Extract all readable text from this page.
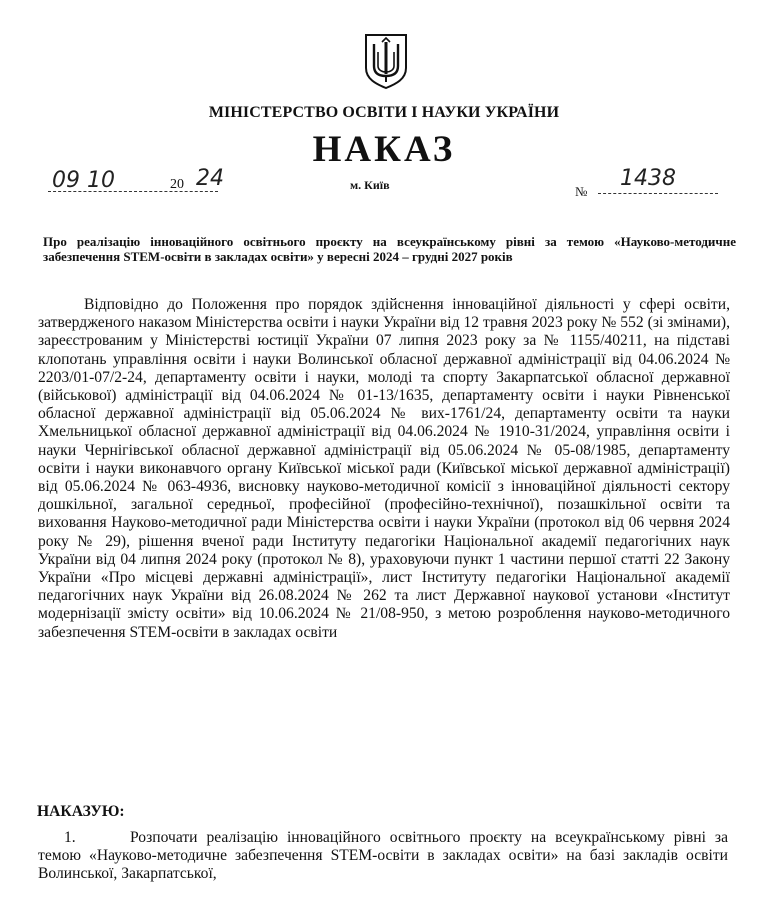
МІНІСТЕРСТВО ОСВІТИ І НАУКИ УКРАЇНИ
НАКАЗ
09 10	20 24	м. Київ	№
1438
Про реалізацію інноваційного освітнього проєкту на всеукраїнському рівні за темою «Науково-методичне забезпечення STEM-освіти в закладах освіти» у вересні 2024 – грудні 2027 років
Відповідно до Положення про порядок здійснення інноваційної діяльності у сфері освіти, затвердженого наказом Міністерства освіти і науки України від 12 травня 2023 року № 552 (зі змінами), зареєстрованим у Міністерстві юстиції України 07 липня 2023 року за № 1155/40211, на підставі клопотань управління освіти і науки Волинської обласної державної адміністрації від 04.06.2024 № 2203/01-07/2-24, департаменту освіти і науки, молоді та спорту Закарпатської обласної державної (військової) адміністрації від 04.06.2024 № 01-13/1635, департаменту освіти і науки Рівненської обласної державної адміністрації від 05.06.2024 № вих-1761/24, департаменту освіти та науки Хмельницької обласної державної адміністрації від 04.06.2024 № 1910-31/2024, управління освіти і науки Чернігівської обласної державної адміністрації від 05.06.2024 № 05-08/1985, департаменту освіти і науки виконавчого органу Київської міської ради (Київської міської державної адміністрації) від 05.06.2024 № 063-4936, висновку науково-методичної комісії з інноваційної діяльності сектору дошкільної, загальної середньої, професійної (професійно-технічної), позашкільної освіти та виховання Науково-методичної ради Міністерства освіти і науки України (протокол від 06 червня 2024 року № 29), рішення вченої ради Інституту педагогіки Національної академії педагогічних наук України від 04 липня 2024 року (протокол № 8), ураховуючи пункт 1 частини першої статті 22 Закону України «Про місцеві державні адміністрації», лист Інституту педагогіки Національної академії педагогічних наук України від 26.08.2024 № 262 та лист Державної наукової установи «Інститут модернізації змісту освіти» від 10.06.2024 № 21/08-950, з метою розроблення науково-методичного забезпечення STEM-освіти в закладах освіти
НАКАЗУЮ:
1.	Розпочати реалізацію інноваційного освітнього проєкту на всеукраїнському рівні за темою «Науково-методичне забезпечення STEM-освіти в закладах освіти» на базі закладів освіти Волинської, Закарпатської,
